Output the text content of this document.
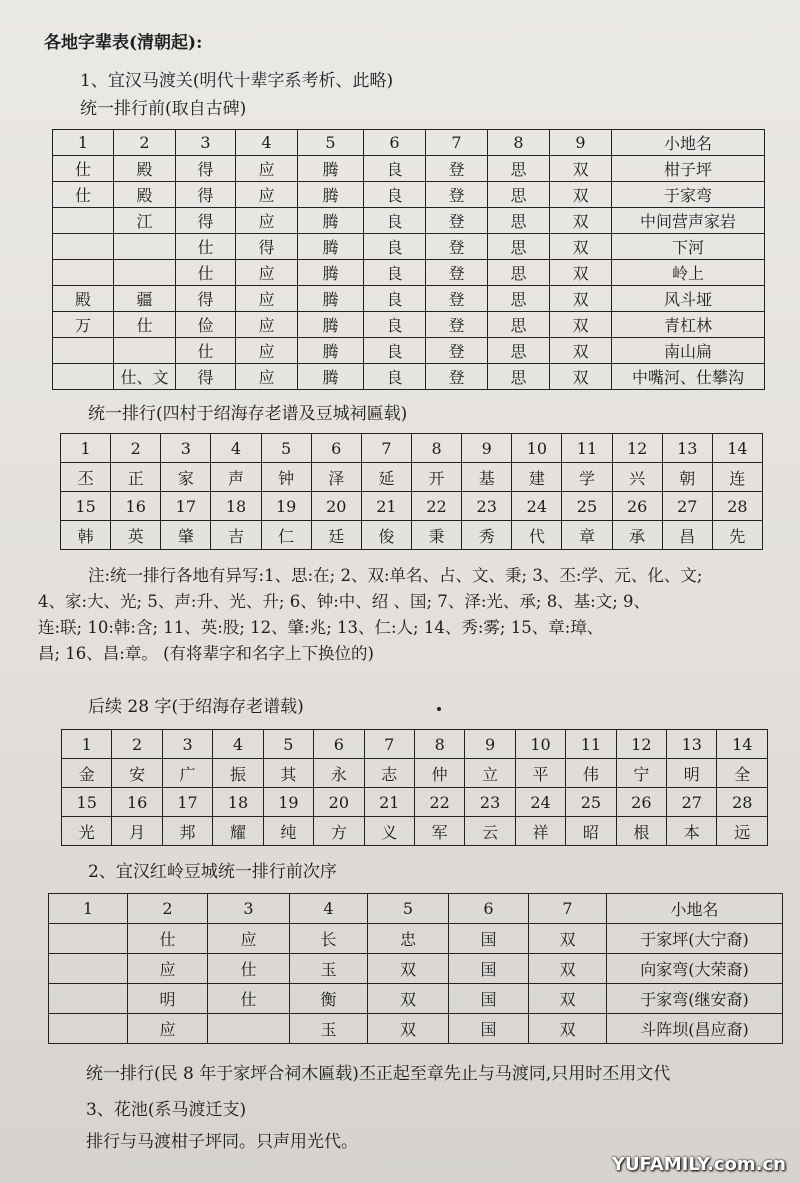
各地字辈表(清朝起):
1、宜汉马渡关(明代十辈字系考析、此略)
统一排行前(取自古碑)
1	2	3	4	5	6	7	8	9	小地名
仕	殿	得	应	腾	良	登	思	双	柑子坪
仕	殿	得	应	腾	良	登	思	双	于家弯
	江	得	应	腾	良	登	思	双	中间营声家岩
		仕	得	腾	良	登	思	双	下河
		仕	应	腾	良	登	思	双	岭上
殿	疆	得	应	腾	良	登	思	双	风斗垭
万	仕	俭	应	腾	良	登	思	双	青杠林
		仕	应	腾	良	登	思	双	南山扁
	仕、文	得	应	腾	良	登	思	双	中嘴河、仕攀沟
统一排行(四村于绍海存老谱及豆城祠匾载)
1	2	3	4	5	6	7	8	9	10	11	12	13	14
丕	正	家	声	钟	泽	延	开	基	建	学	兴	朝	连
15	16	17	18	19	20	21	22	23	24	25	26	27	28
韩	英	肇	吉	仁	廷	俊	秉	秀	代	章	承	昌	先

注:统一排行各地有异写:1、思:在; 2、双:单名、占、文、秉; 3、丕:学、元、化、文;

4、家:大、光; 5、声:升、光、升; 6、钟:中、绍 、国; 7、泽:光、承; 8、基:文; 9、

连:联; 10:韩:含; 11、英:股; 12、肇:兆; 13、仁:人; 14、秀:雾; 15、章:璋、

昌; 16、昌:章。 (有将辈字和名字上下换位的)

后续 28 字(于绍海存老谱载)
1	2	3	4	5	6	7	8	9	10	11	12	13	14
金	安	广	振	其	永	志	仲	立	平	伟	宁	明	全
15	16	17	18	19	20	21	22	23	24	25	26	27	28
光	月	邦	耀	纯	方	义	军	云	祥	昭	根	本	远
2、宜汉红岭豆城统一排行前次序
1	2	3	4	5	6	7	小地名
	仕	应	长	忠	国	双	于家坪(大宁裔)
	应	仕	玉	双	国	双	向家弯(大荣裔)
	明	仕	衡	双	国	双	于家弯(继安裔)
	应		玉	双	国	双	斗阵坝(昌应裔)
统一排行(民 8 年于家坪合祠木匾载)丕正起至章先止与马渡同,只用时丕用文代
3、花池(系马渡迁支)
排行与马渡柑子坪同。只声用光代。
YUFAMILY.com.cn
